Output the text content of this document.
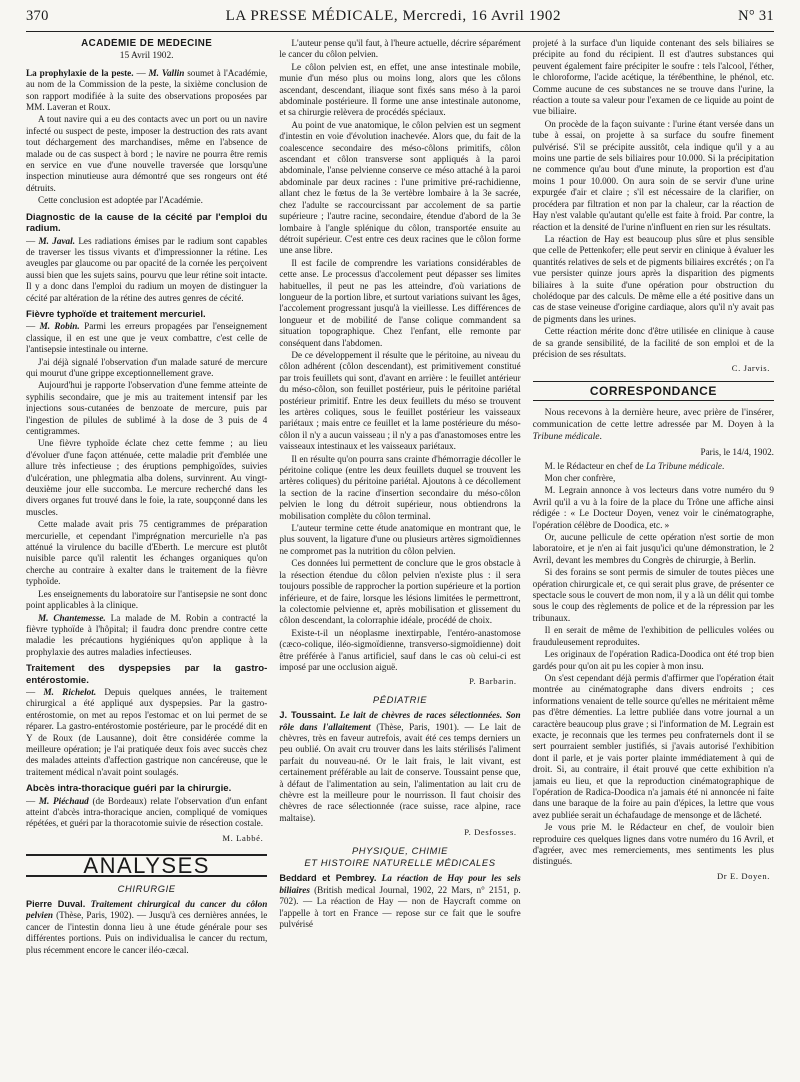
370	LA PRESSE MÉDICALE, Mercredi, 16 Avril 1902	N° 31
ACADÉMIE DE MÉDECINE
15 Avril 1902.

La prophylaxie de la peste. — M. Vallin soumet à l'Académie, au nom de la Commission de la peste, la sixième conclusion de son rapport modifiée à la suite des observations proposées par MM. Laveran et Roux.

A tout navire qui a eu des contacts avec un port ou un navire infecté ou suspect de peste, imposer la destruction des rats avant tout déchargement des marchandises, même en l'absence de malade ou de cas suspect à bord ; le navire ne pourra être remis en service en vue d'une nouvelle traversée que lorsqu'une inspection minutieuse aura démontré que ses rongeurs ont été détruits.

Cette conclusion est adoptée par l'Académie.

Diagnostic de la cause de la cécité par l'emploi du radium.

— M. Javal. Les radiations émises par le radium sont capables de traverser les tissus vivants et d'impressionner la rétine. Les aveugles par glaucome ou par opacité de la cornée les perçoivent aussi bien que les sujets sains, pourvu que leur rétine soit intacte. Il y a donc dans l'emploi du radium un moyen de distinguer la cécité par altération de la rétine des autres genres de cécité.

Fièvre typhoïde et traitement mercuriel.

— M. Robin. Parmi les erreurs propagées par l'enseignement classique, il en est une que je veux combattre, c'est celle de l'antisepsie intestinale ou interne.

J'ai déjà signalé l'observation d'un malade saturé de mercure qui mourut d'une grippe exceptionnellement grave.

Aujourd'hui je rapporte l'observation d'une femme atteinte de syphilis secondaire, que je mis au traitement intensif par les injections sous-cutanées de benzoate de mercure, puis par l'ingestion de pilules de sublimé à la dose de 3 puis de 4 centigrammes.

Une fièvre typhoïde éclate chez cette femme ; au lieu d'évoluer d'une façon atténuée, cette maladie prit d'emblée une allure très infectieuse ; des éruptions pemphigoïdes, suivies d'ulcération, une phlegmatia alba dolens, survinrent. Au vingt-deuxième jour elle succomba. Le mercure recherché dans les divers organes fut trouvé dans le foie, la rate, soupçonné dans les muscles.

Cette malade avait pris 75 centigrammes de préparation mercurielle, et cependant l'imprégnation mercurielle n'a pas atténué la virulence du bacille d'Eberth. Le mercure est plutôt nuisible parce qu'il ralentit les échanges organiques qu'on cherche au contraire à exalter dans le traitement de la fièvre typhoïde.

Les enseignements du laboratoire sur l'antisepsie ne sont donc point applicables à la clinique.

M. Chantemesse. La malade de M. Robin a contracté la fièvre typhoïde à l'hôpital; il faudra donc prendre contre cette maladie les précautions hygiéniques qu'on applique à la prophylaxie des autres maladies infectieuses.

Traitement des dyspepsies par la gastro-entérostomie.

— M. Richelot. Depuis quelques années, le traitement chirurgical a été appliqué aux dyspepsies. Par la gastro-entérostomie, on met au repos l'estomac et on lui permet de se réparer. La gastro-entérostomie postérieure, par le procédé dit en Y de Roux (de Lausanne), doit être considérée comme la meilleure opération; je l'ai pratiquée deux fois avec succès chez des malades atteints d'affection gastrique non cancéreuse, que le traitement médical n'avait point soulagés.

Abcès intra-thoracique guéri par la chirurgie.

— M. Piéchaud (de Bordeaux) relate l'observation d'un enfant atteint d'abcès intra-thoracique ancien, compliqué de vomiques répétées, et guéri par la thoracotomie suivie de résection costale.

M. Labbé.
ANALYSES
CHIRURGIE

Pierre Duval. Traitement chirurgical du cancer du côlon pelvien (Thèse, Paris, 1902). — Jusqu'à ces dernières années, le cancer de l'intestin donna lieu à une étude générale pour ses différentes portions. Puis on individualisa le cancer du rectum, plus récemment encore le cancer iléo-cæcal.

L'auteur pense qu'il faut, à l'heure actuelle, décrire séparément le cancer du côlon pelvien.

Le côlon pelvien est, en effet, une anse intestinale mobile, munie d'un méso plus ou moins long, alors que les côlons ascendant, descendant, iliaque sont fixés sans méso à la paroi abdominale postérieure. Il forme une anse intestinale autonome, et sa chirurgie relèvera de procédés spéciaux.

Au point de vue anatomique, le côlon pelvien est un segment d'intestin en voie d'évolution inachevée. Alors que, du fait de la coalescence secondaire des méso-côlons primitifs, côlon ascendant et côlon transverse sont appliqués à la paroi abdominale, l'anse pelvienne conserve ce méso attaché à la paroi abdominale par deux racines : l'une primitive pré-rachidienne, allant chez le fœtus de la 3e vertèbre lombaire à la 3e sacrée, chez l'adulte se raccourcissant par accolement de sa partie supérieure ; l'autre racine, secondaire, étendue d'abord de la 3e lombaire à l'angle splénique du côlon, transportée ensuite au détroit supérieur. C'est entre ces deux racines que le côlon forme une anse libre.

Il est facile de comprendre les variations considérables de cette anse. Le processus d'accolement peut dépasser ses limites habituelles, il peut ne pas les atteindre, d'où variations de longueur de la portion libre, et surtout variations suivant les âges, l'accolement progressant jusqu'à la vieillesse. Les différences de longueur et de mobilité de l'anse colique commandent sa situation topographique. Chez l'enfant, elle remonte par conséquent dans l'abdomen.

De ce développement il résulte que le péritoine, au niveau du côlon adhérent (côlon descendant), est primitivement constitué par trois feuillets qui sont, d'avant en arrière : le feuillet antérieur du méso-côlon, son feuillet postérieur, puis le péritoine pariétal postérieur primitif. Entre les deux feuillets du méso se trouvent les artères coliques, sous le feuillet postérieur les vaisseaux pariétaux ; mais entre ce feuillet et la lame postérieure du méso-côlon il n'y a aucun vaisseau ; il n'y a pas d'anastomoses entre les vaisseaux intestinaux et les vaisseaux pariétaux.

Il en résulte qu'on pourra sans crainte d'hémorragie décoller le péritoine colique (entre les deux feuillets duquel se trouvent les artères coliques) du péritoine pariétal. Ajoutons à ce décollement la section de la racine d'insertion secondaire du méso-côlon pelvien le long du détroit supérieur, nous obtiendrons la mobilisation complète du côlon terminal.

L'auteur termine cette étude anatomique en montrant que, le plus souvent, la ligature d'une ou plusieurs artères sigmoïdiennes ne compromet pas la nutrition du côlon pelvien.

Ces données lui permettent de conclure que le gros obstacle à la résection étendue du côlon pelvien n'existe plus : il sera toujours possible de rapprocher la portion supérieure et la portion inférieure, et de faire, lorsque les lésions limitées le permettront, la colectomie pelvienne et, après mobilisation et glissement du côlon descendant, la colorraphie idéale, procédé de choix.

Existe-t-il un néoplasme inextirpable, l'entéro-anastomose (cæco-colique, iléo-sigmoïdienne, transverso-sigmoïdienne) doit être préférée à l'anus artificiel, sauf dans le cas où celui-ci est imposé par une occlusion aiguë.

P. Barbarin.
PÉDIATRIE

J. Toussaint. Le lait de chèvres de races sélectionnées. Son rôle dans l'allaitement (Thèse, Paris, 1901). — Le lait de chèvres, très en faveur autrefois, avait été ces temps derniers un peu oublié. On avait cru trouver dans les laits stérilisés l'aliment parfait du nouveau-né. Or le lait frais, le lait vivant, est certainement préférable au lait de conserve. Toussaint pense que, à défaut de l'alimentation au sein, l'alimentation au lait cru de chèvre est la meilleure pour le nourrisson. Il faut choisir des chèvres de race sélectionnée (race suisse, race alpine, race maltaise).

P. Desfosses.
PHYSIQUE, CHIMIE
ET HISTOIRE NATURELLE MÉDICALES

Beddard et Pembrey. La réaction de Hay pour les sels biliaires (British medical Journal, 1902, 22 Mars, n° 2151, p. 702). — La réaction de Hay — non de Haycraft comme on l'appelle à tort en France — repose sur ce fait que le soufre pulvérisé

projeté à la surface d'un liquide contenant des sels biliaires se précipite au fond du récipient. Il est d'autres substances qui peuvent également faire précipiter le soufre : tels l'alcool, l'éther, le chloroforme, l'acide acétique, la térébenthine, le phénol, etc. Comme aucune de ces substances ne se trouve dans l'urine, la réaction a toute sa valeur pour l'examen de ce liquide au point de vue biliaire.

On procède de la façon suivante : l'urine étant versée dans un tube à essai, on projette à sa surface du soufre finement pulvérisé. S'il se précipite aussitôt, cela indique qu'il y a au moins une partie de sels biliaires pour 10.000. Si la précipitation ne commence qu'au bout d'une minute, la proportion est d'au moins 1 pour 10.000. On aura soin de se servir d'une urine expurgée d'air et claire ; s'il est nécessaire de la clarifier, on procédera par filtration et non par la chaleur, car la réaction de Hay n'est valable qu'autant qu'elle est faite à froid. Par contre, la réaction et la densité de l'urine n'influent en rien sur les résultats.

La réaction de Hay est beaucoup plus sûre et plus sensible que celle de Pettenkofer; elle peut servir en clinique à évaluer les quantités relatives de sels et de pigments biliaires excrétés ; on l'a vue persister quinze jours après la disparition des pigments biliaires à la suite d'une opération pour obstruction du cholédoque par des calculs. De même elle a été positive dans un cas de stase veineuse d'origine cardiaque, alors qu'il n'y avait pas de pigments dans les urines.

Cette réaction mérite donc d'être utilisée en clinique à cause de sa grande sensibilité, de la facilité de son emploi et de la précision de ses résultats.

C. Jarvis.
CORRESPONDANCE

Nous recevons à la dernière heure, avec prière de l'insérer, communication de cette lettre adressée par M. Doyen à la Tribune médicale.

Paris, le 14/4, 1902.

M. le Rédacteur en chef de La Tribune médicale.

Mon cher confrère,

M. Legrain annonce à vos lecteurs dans votre numéro du 9 Avril qu'il a vu à la foire de la place du Trône une affiche ainsi rédigée : « Le Docteur Doyen, venez voir le cinématographe, l'opération célèbre de Doodica, etc. »

Or, aucune pellicule de cette opération n'est sortie de mon laboratoire, et je n'en ai fait jusqu'ici qu'une démonstration, le 2 Avril, devant les membres du Congrès de chirurgie, à Berlin.

Si des forains se sont permis de simuler de toutes pièces une opération chirurgicale et, ce qui serait plus grave, de présenter ce spectacle sous le couvert de mon nom, il y a là un délit qui tombe sous le coup des règlements de police et de la répression par les tribunaux.

Il en serait de même de l'exhibition de pellicules volées ou frauduleusement reproduites.

Les originaux de l'opération Radica-Doodica ont été trop bien gardés pour qu'on ait pu les copier à mon insu.

On s'est cependant déjà permis d'affirmer que l'opération était montrée au cinématographe dans divers endroits ; ces informations venaient de telle source qu'elles ne méritaient même pas d'être démenties. La lettre publiée dans votre journal a un caractère beaucoup plus grave ; si l'information de M. Legrain est exacte, je reconnais que les termes peu confraternels dont il se sert pourraient sembler justifiés, si j'avais autorisé l'exhibition dont il parle, et je vais porter plainte immédiatement à qui de droit. Si, au contraire, il était prouvé que cette exhibition n'a jamais eu lieu, et que la reproduction cinématographique de l'opération de Radica-Doodica n'a jamais été ni annoncée ni faite dans une baraque de la foire au pain d'épices, la lettre que vous avez publiée serait un échafaudage de mensonge et de lâcheté.

Je vous prie M. le Rédacteur en chef, de vouloir bien reproduire ces quelques lignes dans votre numéro du 16 Avril, et d'agréer, avec mes remerciements, mes sentiments les plus distingués.

Dr E. Doyen.
